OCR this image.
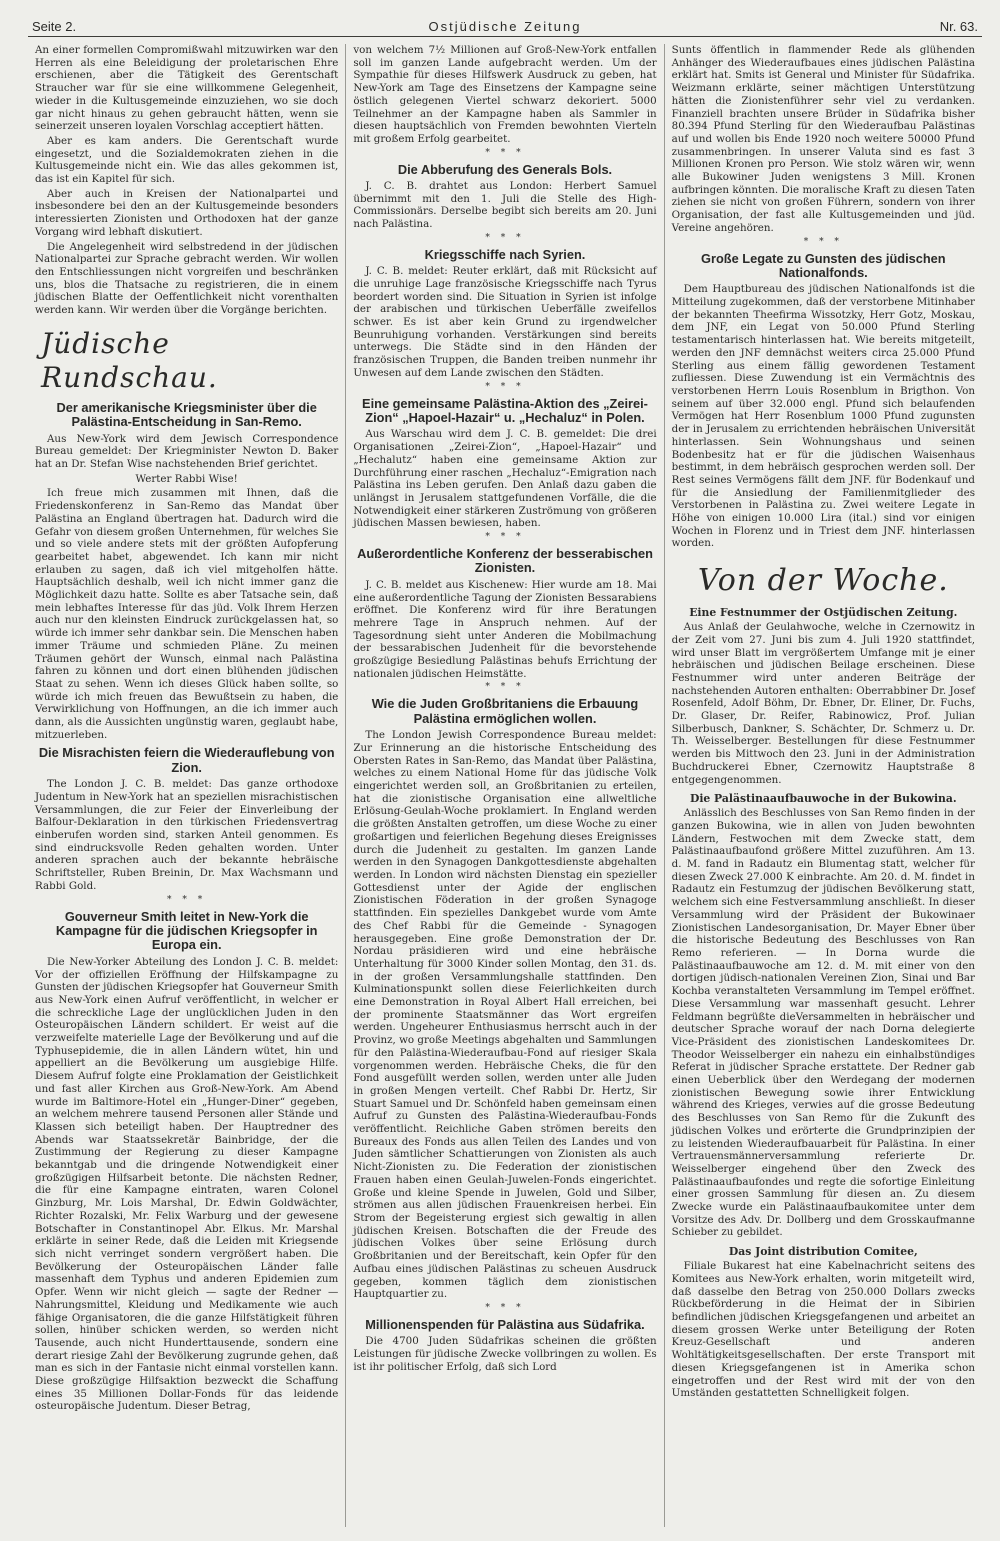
Seite 2.	Ostjüdische Zeitung	Nr. 63.

An einer formellen Compromißwahl mitzuwirken war den Herren als eine Beleidigung der proletarischen Ehre erschienen, aber die Tätigkeit des Gerentschaft Straucher war für sie eine willkommene Gelegenheit, wieder in die Kultusgemeinde einzuziehen, wo sie doch gar nicht hinaus zu gehen gebraucht hätten, wenn sie seinerzeit unseren loyalen Vorschlag acceptiert hätten.

Aber es kam anders. Die Gerentschaft wurde eingesetzt, und die Sozialdemokraten ziehen in die Kultusgemeinde nicht ein. Wie das alles gekommen ist, das ist ein Kapitel für sich.

Aber auch in Kreisen der Nationalpartei und insbesondere bei den an der Kultusgemeinde besonders interessierten Zionisten und Orthodoxen hat der ganze Vorgang wird lebhaft diskutiert.

Die Angelegenheit wird selbstredend in der jüdischen Nationalpartei zur Sprache gebracht werden. Wir wollen den Entschliessungen nicht vorgreifen und beschränken uns, blos die Thatsache zu registrieren, die in einem jüdischen Blatte der Oeffentlichkeit nicht vorenthalten werden kann. Wir werden über die Vorgänge berichten.

Jüdische Rundschau.
Der amerikanische Kriegsminister über die Palästina-Entscheidung in San-Remo.

Aus New-York wird dem Jewisch Correspondence Bureau gemeldet: Der Kriegminister Newton D. Baker hat an Dr. Stefan Wise nachstehenden Brief gerichtet.

Werter Rabbi Wise!

Ich freue mich zusammen mit Ihnen, daß die Friedenskonferenz in San-Remo das Mandat über Palästina an England übertragen hat. Dadurch wird die Gefahr von diesem großen Unternehmen, für welches Sie und so viele andere stets mit der größten Aufopferung gearbeitet habet, abgewendet. Ich kann mir nicht erlauben zu sagen, daß ich viel mitgeholfen hätte. Hauptsächlich deshalb, weil ich nicht immer ganz die Möglichkeit dazu hatte. Sollte es aber Tatsache sein, daß mein lebhaftes Interesse für das jüd. Volk Ihrem Herzen auch nur den kleinsten Eindruck zurückgelassen hat, so würde ich immer sehr dankbar sein. Die Menschen haben immer Träume und schmieden Pläne. Zu meinen Träumen gehört der Wunsch, einmal nach Palästina fahren zu können und dort einen blühenden jüdischen Staat zu sehen. Wenn ich dieses Glück haben sollte, so würde ich mich freuen das Bewußtsein zu haben, die Verwirklichung von Hoffnungen, an die ich immer auch dann, als die Aussichten ungünstig waren, geglaubt habe, mitzuerleben.

Die Misrachisten feiern die Wiederauflebung von Zion.

The London J. C. B. meldet: Das ganze orthodoxe Judentum in New-York hat an speziellen misrachistischen Versammlungen, die zur Feier der Einverleibung der Balfour-Deklaration in den türkischen Friedensvertrag einberufen worden sind, starken Anteil genommen. Es sind eindrucksvolle Reden gehalten worden. Unter anderen sprachen auch der bekannte hebräische Schriftsteller, Ruben Breinin, Dr. Max Wachsmann und Rabbi Gold.

* * *
Gouverneur Smith leitet in New-York die Kampagne für die jüdischen Kriegsopfer in Europa ein.

Die New-Yorker Abteilung des London J. C. B. meldet: Vor der offiziellen Eröffnung der Hilfskampagne zu Gunsten der jüdischen Kriegsopfer hat Gouverneur Smith aus New-York einen Aufruf veröffentlicht, in welcher er die schreckliche Lage der unglücklichen Juden in den Osteuropäischen Ländern schildert. Er weist auf die verzweifelte materielle Lage der Bevölkerung und auf die Typhusepidemie, die in allen Ländern wütet, hin und appelliert an die Bevölkerung um ausgiebige Hilfe. Diesem Aufruf folgte eine Proklamation der Geistlichkeit und fast aller Kirchen aus Groß-New-York. Am Abend wurde im Baltimore-Hotel ein „Hunger-Diner“ gegeben, an welchem mehrere tausend Personen aller Stände und Klassen sich beteiligt haben. Der Hauptredner des Abends war Staatssekretär Bainbridge, der die Zustimmung der Regierung zu dieser Kampagne bekanntgab und die dringende Notwendigkeit einer großzügigen Hilfsarbeit betonte. Die nächsten Redner, die für eine Kampagne eintraten, waren Colonel Ginzburg, Mr. Lois Marshal, Dr. Edwin Goldwächter, Richter Rozalski, Mr. Felix Warburg und der gewesene Botschafter in Constantinopel Abr. Elkus. Mr. Marshal erklärte in seiner Rede, daß die Leiden mit Kriegsende sich nicht verringet sondern vergrößert haben. Die Bevölkerung der Osteuropäischen Länder falle massenhaft dem Typhus und anderen Epidemien zum Opfer. Wenn wir nicht gleich — sagte der Redner — Nahrungsmittel, Kleidung und Medikamente wie auch fähige Organisatoren, die die ganze Hilfstätigkeit führen sollen, hinüber schicken werden, so werden nicht Tausende, auch nicht Hunderttausende, sondern eine derart riesige Zahl der Bevölkerung zugrunde gehen, daß man es sich in der Fantasie nicht einmal vorstellen kann. Diese großzügige Hilfsaktion bezweckt die Schaffung eines 35 Millionen Dollar-Fonds für das leidende osteuropäische Judentum. Dieser Betrag,

von welchem 7½ Millionen auf Groß-New-York entfallen soll im ganzen Lande aufgebracht werden. Um der Sympathie für dieses Hilfswerk Ausdruck zu geben, hat New-York am Tage des Einsetzens der Kampagne seine östlich gelegenen Viertel schwarz dekoriert. 5000 Teilnehmer an der Kampagne haben als Sammler in diesen hauptsächlich von Fremden bewohnten Vierteln mit großem Erfolg gearbeitet.

* * *
Die Abberufung des Generals Bols.

J. C. B. drahtet aus London: Herbert Samuel übernimmt mit den 1. Juli die Stelle des High-Commissionärs. Derselbe begibt sich bereits am 20. Juni nach Palästina.

* * *
Kriegsschiffe nach Syrien.

J. C. B. meldet: Reuter erklärt, daß mit Rücksicht auf die unruhige Lage französische Kriegsschiffe nach Tyrus beordert worden sind. Die Situation in Syrien ist infolge der arabischen und türkischen Ueberfälle zweifellos schwer. Es ist aber kein Grund zu irgendwelcher Beunruhigung vorhanden. Verstärkungen sind bereits unterwegs. Die Städte sind in den Händen der französischen Truppen, die Banden treiben nunmehr ihr Unwesen auf dem Lande zwischen den Städten.

* * *
Eine gemeinsame Palästina-Aktion des „Zeirei-Zion“ „Hapoel-Hazair“ u. „Hechaluz“ in Polen.

Aus Warschau wird dem J. C. B. gemeldet: Die drei Organisationen „Zeirei-Zion“, „Hapoel-Hazair“ und „Hechalutz“ haben eine gemeinsame Aktion zur Durchführung einer raschen „Hechaluz“-Emigration nach Palästina ins Leben gerufen. Den Anlaß dazu gaben die unlängst in Jerusalem stattgefundenen Vorfälle, die die Notwendigkeit einer stärkeren Zuströmung von größeren jüdischen Massen bewiesen, haben.

* * *
Außerordentliche Konferenz der besserabischen Zionisten.

J. C. B. meldet aus Kischenew: Hier wurde am 18. Mai eine außerordentliche Tagung der Zionisten Bessarabiens eröffnet. Die Konferenz wird für ihre Beratungen mehrere Tage in Anspruch nehmen. Auf der Tagesordnung sieht unter Anderen die Mobilmachung der bessarabischen Judenheit für die bevorstehende großzügige Besiedlung Palästinas behufs Errichtung der nationalen jüdischen Heimstätte.

* * *
Wie die Juden Großbritaniens die Erbauung Palästina ermöglichen wollen.

The London Jewish Correspondence Bureau meldet: Zur Erinnerung an die historische Entscheidung des Obersten Rates in San-Remo, das Mandat über Palästina, welches zu einem National Home für das jüdische Volk eingerichtet werden soll, an Großbritanien zu erteilen, hat die zionistische Organisation eine allweltliche Erlösung-Geulah-Woche proklamiert. In England werden die größten Anstalten getroffen, um diese Woche zu einer großartigen und feierlichen Begehung dieses Ereignisses durch die Judenheit zu gestalten. Im ganzen Lande werden in den Synagogen Dankgottesdienste abgehalten werden. In London wird nächsten Dienstag ein spezieller Gottesdienst unter der Agide der englischen Zionistischen Föderation in der großen Synagoge stattfinden. Ein spezielles Dankgebet wurde vom Amte des Chef Rabbi für die Gemeinde - Synagogen herausgegeben. Eine große Demonstration der Dr. Nordau präsidieren wird und eine hebräische Unterhaltung für 3000 Kinder sollen Montag, den 31. ds. in der großen Versammlungshalle stattfinden. Den Kulminationspunkt sollen diese Feierlichkeiten durch eine Demonstration in Royal Albert Hall erreichen, bei der prominente Staatsmänner das Wort ergreifen werden. Ungeheurer Enthusiasmus herrscht auch in der Provinz, wo große Meetings abgehalten und Sammlungen für den Palästina-Wiederaufbau-Fond auf riesiger Skala vorgenommen werden. Hebräische Cheks, die für den Fond ausgefüllt werden sollen, werden unter alle Juden in großen Mengen verteilt. Chef Rabbi Dr. Hertz, Sir Stuart Samuel und Dr. Schönfeld haben gemeinsam einen Aufruf zu Gunsten des Palästina-Wiederaufbau-Fonds veröffentlicht. Reichliche Gaben strömen bereits den Bureaux des Fonds aus allen Teilen des Landes und von Juden sämtlicher Schattierungen von Zionisten als auch Nicht-Zionisten zu. Die Federation der zionistischen Frauen haben einen Geulah-Juwelen-Fonds eingerichtet. Große und kleine Spende in Juwelen, Gold und Silber, strömen aus allen jüdischen Frauenkreisen herbei. Ein Strom der Begeisterung ergiest sich gewaltig in allen jüdischen Kreisen. Botschaften die der Freude des jüdischen Volkes über seine Erlösung durch Großbritanien und der Bereitschaft, kein Opfer für den Aufbau eines jüdischen Palästinas zu scheuen Ausdruck gegeben, kommen täglich dem zionistischen Hauptquartier zu.

* * *
Millionenspenden für Palästina aus Südafrika.

Die 4700 Juden Südafrikas scheinen die größten Leistungen für jüdische Zwecke vollbringen zu wollen. Es ist ihr politischer Erfolg, daß sich Lord

Sunts öffentlich in flammender Rede als glühenden Anhänger des Wiederaufbaues eines jüdischen Palästina erklärt hat. Smits ist General und Minister für Südafrika. Weizmann erklärte, seiner mächtigen Unterstützung hätten die Zionistenführer sehr viel zu verdanken. Finanziell brachten unsere Brüder in Südafrika bisher 80.394 Pfund Sterling für den Wiederaufbau Palästinas auf und wollen bis Ende 1920 noch weitere 50000 Pfund zusammenbringen. In unserer Valuta sind es fast 3 Millionen Kronen pro Person. Wie stolz wären wir, wenn alle Bukowiner Juden wenigstens 3 Mill. Kronen aufbringen könnten. Die moralische Kraft zu diesen Taten ziehen sie nicht von großen Führern, sondern von ihrer Organisation, der fast alle Kultusgemeinden und jüd. Vereine angehören.

* * *
Große Legate zu Gunsten des jüdischen Nationalfonds.

Dem Hauptbureau des jüdischen Nationalfonds ist die Mitteilung zugekommen, daß der verstorbene Mitinhaber der bekannten Theefirma Wissotzky, Herr Gotz, Moskau, dem JNF, ein Legat von 50.000 Pfund Sterling testamentarisch hinterlassen hat. Wie bereits mitgeteilt, werden den JNF demnächst weiters circa 25.000 Pfund Sterling aus einem fällig gewordenen Testament zufliessen. Diese Zuwendung ist ein Vermächtnis des verstorbenen Herrn Louis Rosenblum in Brigthon. Von seinem auf über 32.000 engl. Pfund sich belaufenden Vermögen hat Herr Rosenblum 1000 Pfund zugunsten der in Jerusalem zu errichtenden hebräischen Universität hinterlassen. Sein Wohnungshaus und seinen Bodenbesitz hat er für die jüdischen Waisenhaus bestimmt, in dem hebräisch gesprochen werden soll. Der Rest seines Vermögens fällt dem JNF. für Bodenkauf und für die Ansiedlung der Familienmitglieder des Verstorbenen in Palästina zu. Zwei weitere Legate in Höhe von einigen 10.000 Lira (ital.) sind vor einigen Wochen in Florenz und in Triest dem JNF. hinterlassen worden.

Von der Woche.
Eine Festnummer der Ostjüdischen Zeitung.

Aus Anlaß der Geulahwoche, welche in Czernowitz in der Zeit vom 27. Juni bis zum 4. Juli 1920 stattfindet, wird unser Blatt im vergrößertem Umfange mit je einer hebräischen und jüdischen Beilage erscheinen. Diese Festnummer wird unter anderen Beiträge der nachstehenden Autoren enthalten: Oberrabbiner Dr. Josef Rosenfeld, Adolf Böhm, Dr. Ebner, Dr. Eliner, Dr. Fuchs, Dr. Glaser, Dr. Reifer, Rabinowicz, Prof. Julian Silberbusch, Dankner, S. Schächter, Dr. Schmerz u. Dr. Th. Weisselberger. Bestellungen für diese Festnummer werden bis Mittwoch den 23. Juni in der Administration Buchdruckerei Ebner, Czernowitz Hauptstraße 8 entgegengenommen.

Die Palästinaaufbauwoche in der Bukowina.

Anlässlich des Beschlusses von San Remo finden in der ganzen Bukowina, wie in allen von Juden bewohnten Ländern, Festwochen mit dem Zwecke statt, dem Palästinaaufbaufond größere Mittel zuzuführen. Am 13. d. M. fand in Radautz ein Blumentag statt, welcher für diesen Zweck 27.000 K einbrachte. Am 20. d. M. findet in Radautz ein Festumzug der jüdischen Bevölkerung statt, welchem sich eine Festversammlung anschließt. In dieser Versammlung wird der Präsident der Bukowinaer Zionistischen Landesorganisation, Dr. Mayer Ebner über die historische Bedeutung des Beschlusses von Ran Remo referieren. — In Dorna wurde die Palästinaaufbauwoche am 12. d. M. mit einer von den dortigen jüdisch-nationalen Vereinen Zion, Sinai und Bar Kochba veranstalteten Versammlung im Tempel eröffnet. Diese Versammlung war massenhaft gesucht. Lehrer Feldmann begrüßte dieVersammelten in hebräischer und deutscher Sprache worauf der nach Dorna delegierte Vice-Präsident des zionistischen Landeskomitees Dr. Theodor Weisselberger ein nahezu ein einhalbstündiges Referat in jüdischer Sprache erstattete. Der Redner gab einen Ueberblick über den Werdegang der modernen zionistischen Bewegung sowie ihrer Entwicklung während des Krieges, verwies auf die grosse Bedeutung des Beschlusses von San Remo für die Zukunft des jüdischen Volkes und erörterte die Grundprinzipien der zu leistenden Wiederaufbauarbeit für Palästina. In einer Vertrauensmännerversammlung referierte Dr. Weisselberger eingehend über den Zweck des Palästinaaufbaufondes und regte die sofortige Einleitung einer grossen Sammlung für diesen an. Zu diesem Zwecke wurde ein Palästinaaufbaukomitee unter dem Vorsitze des Adv. Dr. Dollberg und dem Grosskaufmanne Schieber zu gebildet.

Das Joint distribution Comitee,

Filiale Bukarest hat eine Kabelnachricht seitens des Komitees aus New-York erhalten, worin mitgeteilt wird, daß dasselbe den Betrag von 250.000 Dollars zwecks Rückbeförderung in die Heimat der in Sibirien befindlichen jüdischen Kriegsgefangenen und arbeitet an diesem grossen Werke unter Beteiligung der Roten Kreuz-Gesellschaft und anderen Wohltätigkeitsgesellschaften. Der erste Transport mit diesen Kriegsgefangenen ist in Amerika schon eingetroffen und der Rest wird mit der von den Umständen gestattetten Schnelligkeit folgen.
